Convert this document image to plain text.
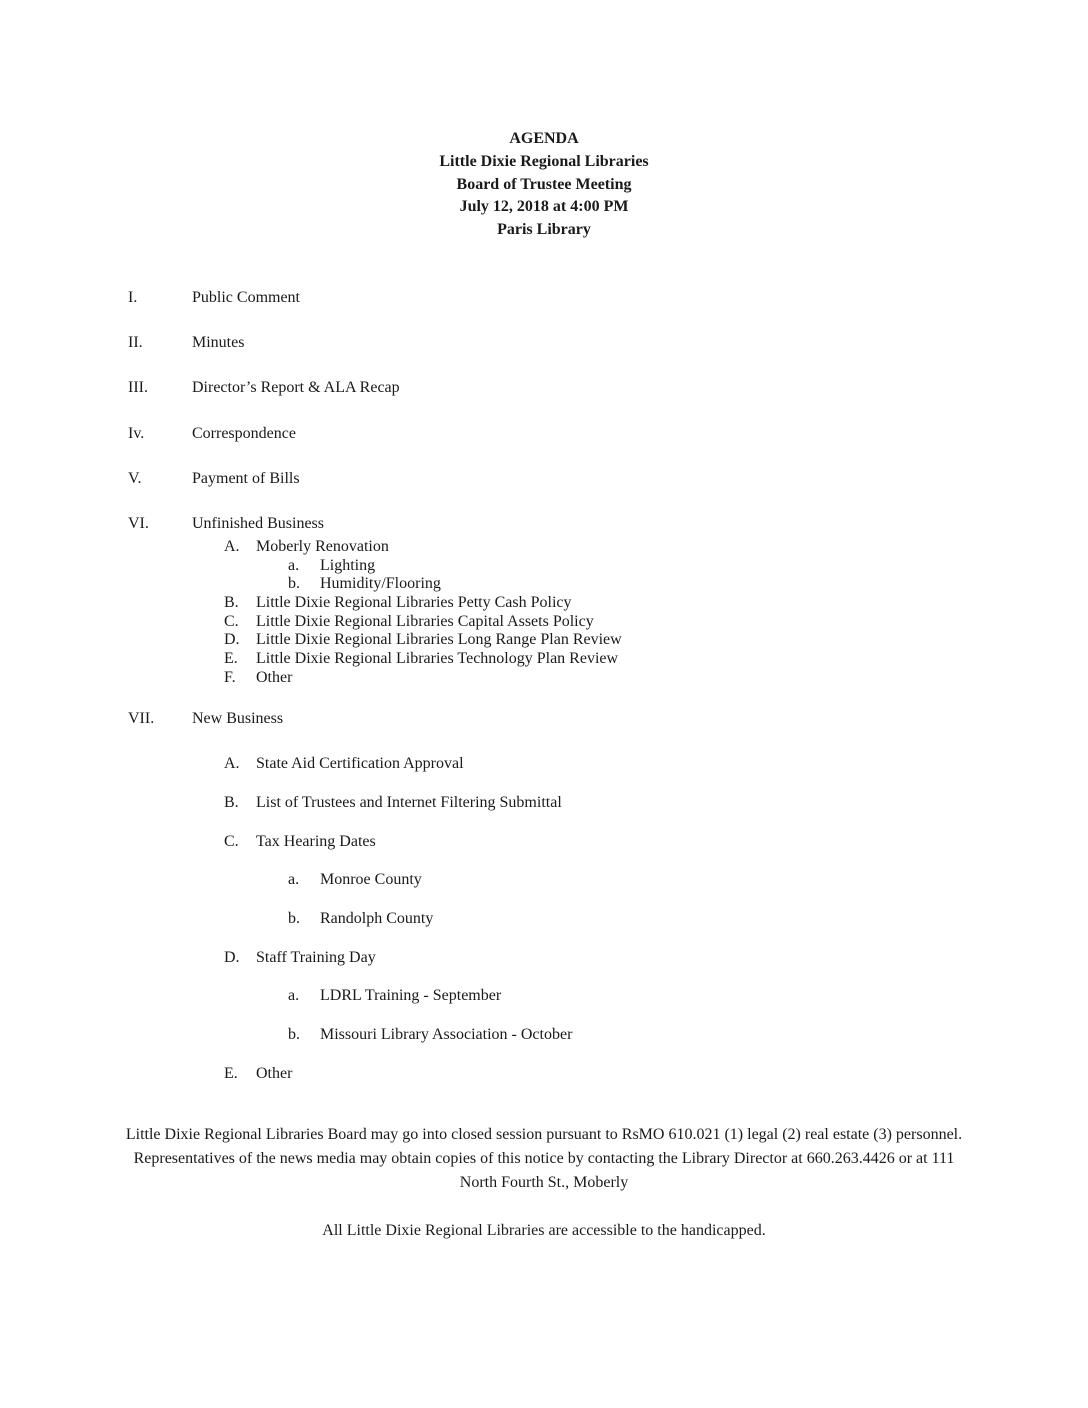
AGENDA
Little Dixie Regional Libraries
Board of Trustee Meeting
July 12, 2018 at 4:00 PM
Paris Library
I.	Public Comment
II.	Minutes
III.	Director’s Report & ALA Recap
Iv.	Correspondence
V.	Payment of Bills
VI.	Unfinished Business
A. Moberly Renovation
a. Lighting
b. Humidity/Flooring
B. Little Dixie Regional Libraries Petty Cash Policy
C. Little Dixie Regional Libraries Capital Assets Policy
D. Little Dixie Regional Libraries Long Range Plan Review
E. Little Dixie Regional Libraries Technology Plan Review
F. Other
VII. New Business
A. State Aid Certification Approval
B. List of Trustees and Internet Filtering Submittal
C. Tax Hearing Dates
a. Monroe County
b. Randolph County
D. Staff Training Day
a. LDRL Training - September
b. Missouri Library Association - October
E. Other
Little Dixie Regional Libraries Board may go into closed session pursuant to RsMO 610.021 (1) legal (2) real estate (3) personnel. Representatives of the news media may obtain copies of this notice by contacting the Library Director at 660.263.4426 or at 111 North Fourth St., Moberly
All Little Dixie Regional Libraries are accessible to the handicapped.
